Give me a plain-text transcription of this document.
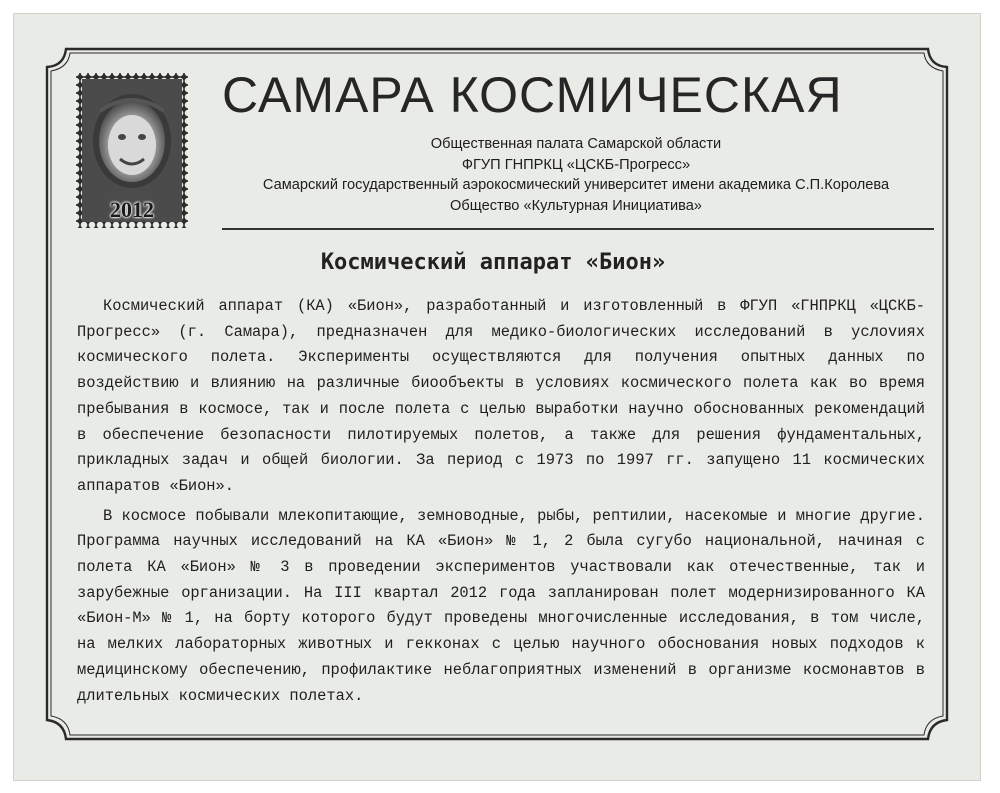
2012
САМАРА КОСМИЧЕСКАЯ
Общественная палата Самарской области
ФГУП ГНПРКЦ «ЦСКБ-Прогресс»
Самарский государственный аэрокосмический университет имени академика С.П.Королева
Общество «Культурная Инициатива»
Космический аппарат «Бион»

Космический аппарат (КА) «Бион», разработанный и изготовленный в ФГУП «ГНПРКЦ «ЦСКБ-Прогресс» (г. Самара), предназначен для медико-биологических исследований в услоvиях космического полета. Эксперименты осуществляются для получения опытных данных по воздействию и влиянию на различные биообъекты в условиях космического полета как во время пребывания в космосе, так и после полета с целью выработки научно обоснованных рекомендаций в обеспечение безопасности пилотируемых полетов, а также для решения фундаментальных, прикладных задач и общей биологии. За период с 1973 по 1997 гг. запущено 11 космических аппаратов «Бион».

В космосе побывали млекопитающие, земноводные, рыбы, рептилии, насекомые и многие другие. Программа научных исследований на КА «Бион» № 1, 2 была сугубо национальной, начиная с полета КА «Бион» № 3 в проведении экспериментов участвовали как отечественные, так и зарубежные организации. На III квартал 2012 года запланирован полет модернизированного КА «Бион-М» № 1, на борту которого будут проведены многочисленные исследования, в том числе, на мелких лабораторных животных и гекконах с целью научного обоснования новых подходов к медицинскому обеспечению, профилактике неблагоприятных изменений в организме космонавтов в длительных космических полетах.
